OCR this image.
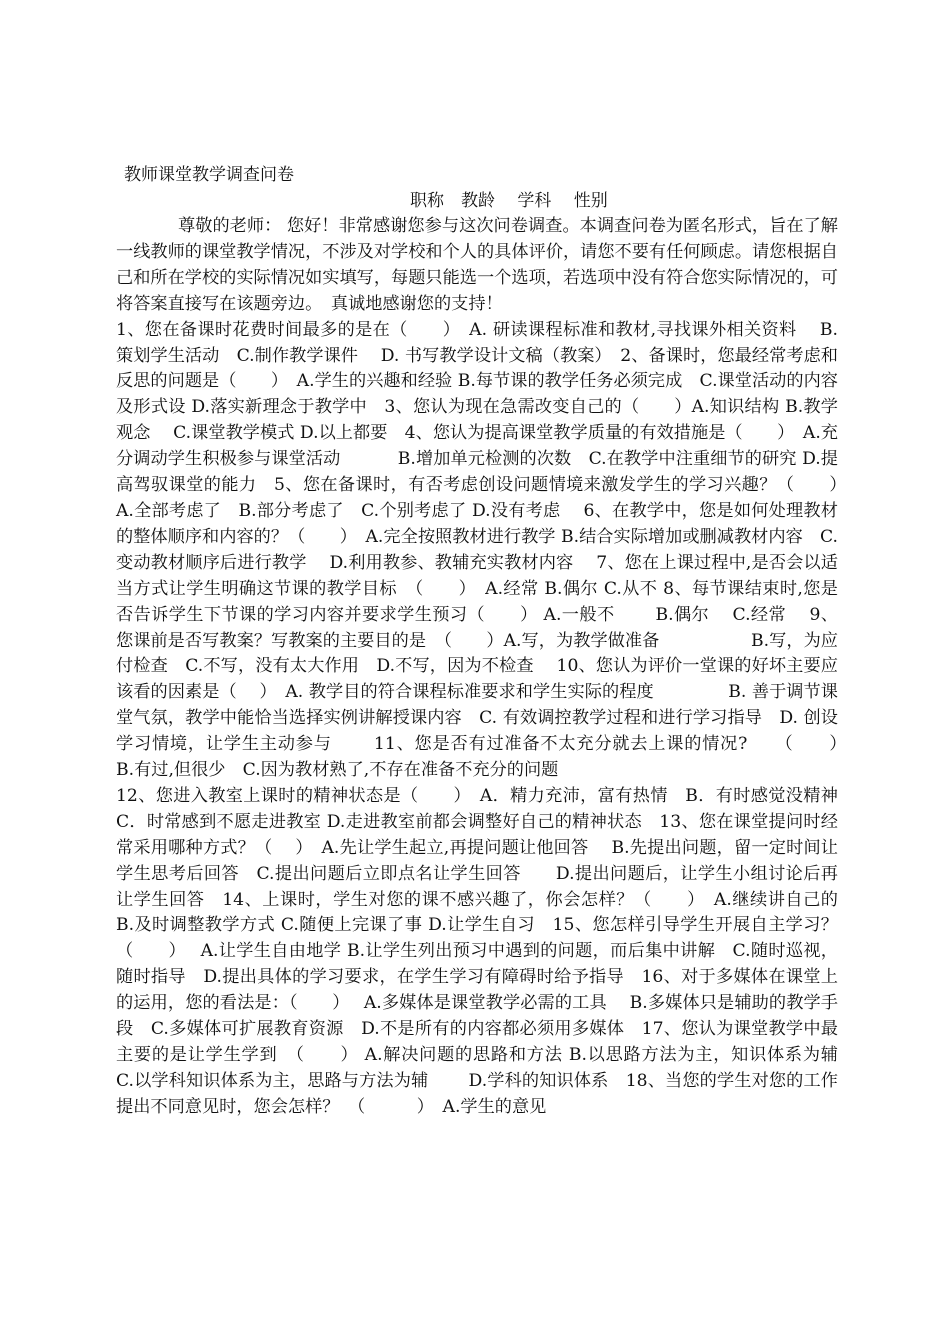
教师课堂教学调查问卷
职称　教龄　 学科　 性别

尊敬的老师： 您好！非常感谢您参与这次问卷调查。本调查问卷为匿名形式，旨在了解一线教师的课堂教学情况，不涉及对学校和个人的具体评价，请您不要有任何顾虑。请您根据自己和所在学校的实际情况如实填写，每题只能选一个选项，若选项中没有符合您实际情况的，可将答案直接写在该题旁边。　真诚地感谢您的支持！

1、您在备课时花费时间最多的是在（　　）　A. 研读课程标准和教材,寻找课外相关资料　 B.策划学生活动　C.制作教学课件　 D. 书写教学设计文稿（教案）　2、备课时，您最经常考虑和反思的问题是（　　）　A.学生的兴趣和经验 B.每节课的教学任务必须完成　C.课堂活动的内容及形式设 D.落实新理念于教学中　3、您认为现在急需改变自己的（　　）A.知识结构 B.教学观念　 C.课堂教学模式 D.以上都要　4、您认为提高课堂教学质量的有效措施是（　　）　A.充分调动学生积极参与课堂活动　　　 B.增加单元检测的次数　C.在教学中注重细节的研究 D.提高驾驭课堂的能力　5、您在备课时，有否考虑创设问题情境来激发学生的学习兴趣？（　　）　A.全部考虑了　B.部分考虑了　C.个别考虑了 D.没有考虑　 6、在教学中，您是如何处理教材的整体顺序和内容的？（　　）　A.完全按照教材进行教学 B.结合实际增加或删减教材内容　C.变动教材顺序后进行教学　 D.利用教参、教辅充实教材内容　 7、您在上课过程中,是否会以适当方式让学生明确这节课的教学目标　（　　）　A.经常 B.偶尔 C.从不 8、每节课结束时,您是否告诉学生下节课的学习内容并要求学生预习（　　） A.一般不　　 B.偶尔　 C.经常　 9、您课前是否写教案？写教案的主要目的是　（　　）A.写，为教学做准备　　　　　 B.写，为应付检查　C.不写，没有太大作用　D.不写，因为不检查　 10、您认为评价一堂课的好坏主要应该看的因素是（　 ）　A. 教学目的符合课程标准要求和学生实际的程度　　　　 B. 善于调节课堂气氛，教学中能恰当选择实例讲解授课内容　C. 有效调控教学过程和进行学习指导　D. 创设学习情境，让学生主动参与　　 11、您是否有过准备不太充分就去上课的情况?　　（　　）　B.有过,但很少　C.因为教材熟了,不存在准备不充分的问题

12、您进入教室上课时的精神状态是（　　）　A．精力充沛，富有热情　B．有时感觉没精神　C．时常感到不愿走进教室 D.走进教室前都会调整好自己的精神状态　13、您在课堂提问时经常采用哪种方式？（　 ）　A.先让学生起立,再提问题让他回答　 B.先提出问题，留一定时间让学生思考后回答　C.提出问题后立即点名让学生回答　　D.提出问题后，让学生小组讨论后再让学生回答　14、上课时，学生对您的课不感兴趣了，你会怎样？（　　）　A.继续讲自己的　B.及时调整教学方式 C.随便上完课了事 D.让学生自习　15、您怎样引导学生开展自主学习？（　　）　 A.让学生自由地学 B.让学生列出预习中遇到的问题，而后集中讲解　C.随时巡视，随时指导　D.提出具体的学习要求，在学生学习有障碍时给予指导　16、对于多媒体在课堂上的运用，您的看法是：（　　）　 A.多媒体是课堂教学必需的工具　 B.多媒体只是辅助的教学手段　C.多媒体可扩展教育资源　D.不是所有的内容都必须用多媒体　17、您认为课堂教学中最主要的是让学生学到　（　　） A.解决问题的思路和方法 B.以思路方法为主，知识体系为辅　C.以学科知识体系为主，思路与方法为辅　　 D.学科的知识体系　18、当您的学生对您的工作提出不同意见时，您会怎样？　（　　　）　A.学生的意见
